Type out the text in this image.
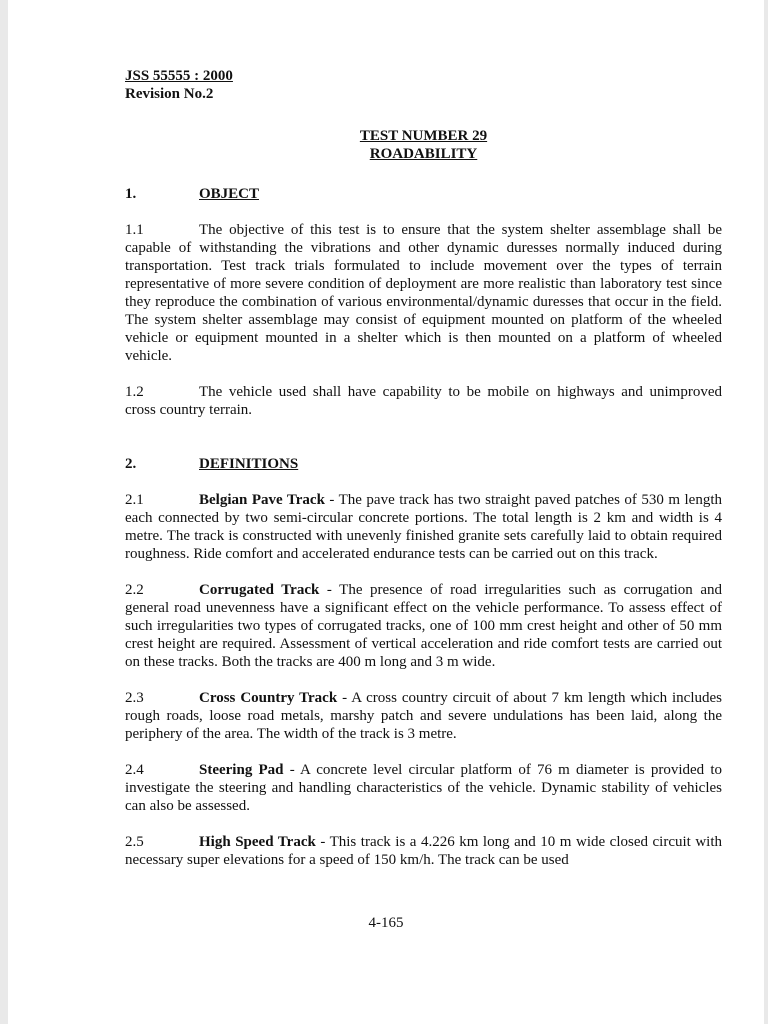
JSS 55555 : 2000
Revision No.2
TEST NUMBER 29
ROADABILITY
1.	OBJECT

1.1	The objective of this test is to ensure that the system shelter assemblage shall be capable of withstanding the vibrations and other dynamic duresses normally induced during transportation. Test track trials formulated to include movement over the types of terrain representative of more severe condition of deployment are more realistic than laboratory test since they reproduce the combination of various environmental/dynamic duresses that occur in the field. The system shelter assemblage may consist of equipment mounted on platform of the wheeled vehicle or equipment mounted in a shelter which is then mounted on a platform of wheeled vehicle.

1.2	The vehicle used shall have capability to be mobile on highways and unimproved cross country terrain.

2.	DEFINITIONS

2.1	Belgian Pave Track - The pave track has two straight paved patches of 530 m length each connected by two semi-circular concrete portions. The total length is 2 km and width is 4 metre. The track is constructed with unevenly finished granite sets carefully laid to obtain required roughness. Ride comfort and accelerated endurance tests can be carried out on this track.

2.2	Corrugated Track - The presence of road irregularities such as corrugation and general road unevenness have a significant effect on the vehicle performance. To assess effect of such irregularities two types of corrugated tracks, one of 100 mm crest height and other of 50 mm crest height are required. Assessment of vertical acceleration and ride comfort tests are carried out on these tracks. Both the tracks are 400 m long and 3 m wide.

2.3	Cross Country Track - A cross country circuit of about 7 km length which includes rough roads, loose road metals, marshy patch and severe undulations has been laid, along the periphery of the area. The width of the track is 3 metre.

2.4	Steering Pad - A concrete level circular platform of 76 m diameter is provided to investigate the steering and handling characteristics of the vehicle. Dynamic stability of vehicles can also be assessed.

2.5	High Speed Track - This track is a 4.226 km long and 10 m wide closed circuit with necessary super elevations for a speed of 150 km/h. The track can be used

4-165
